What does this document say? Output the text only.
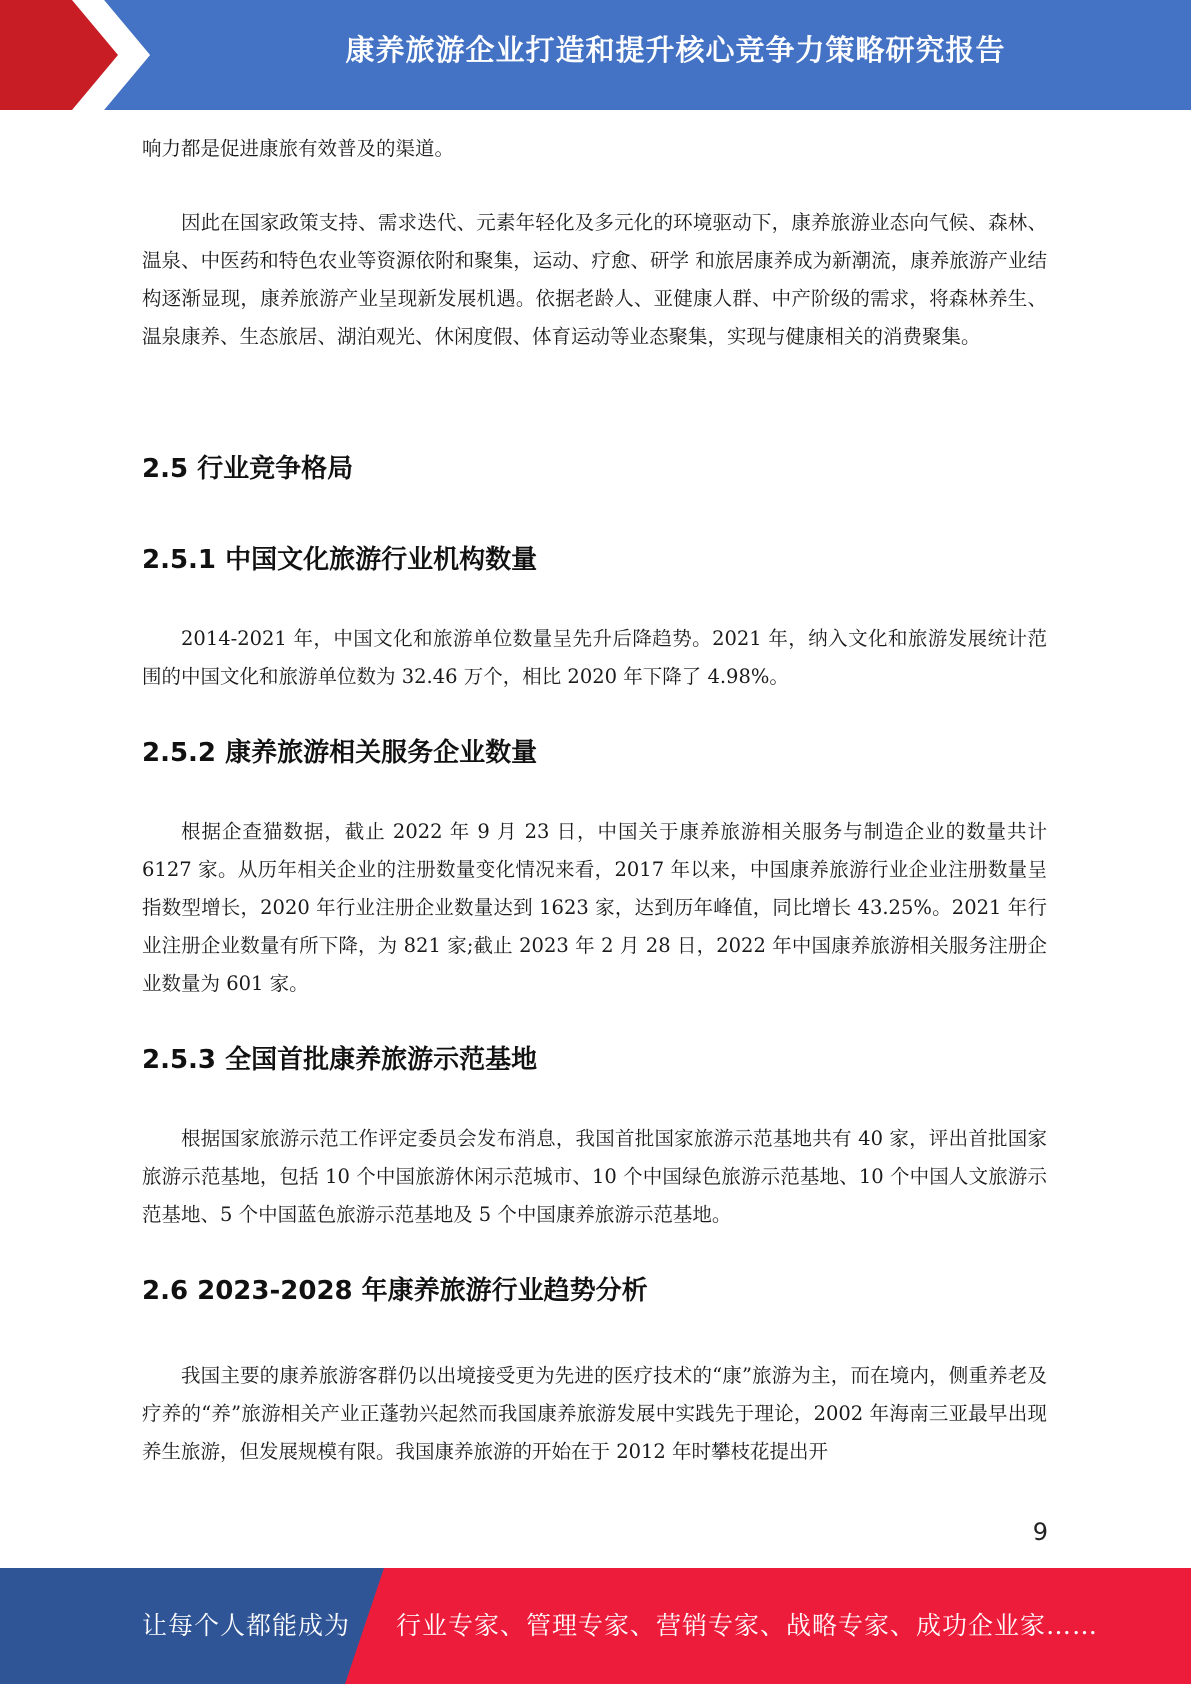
康养旅游企业打造和提升核心竞争力策略研究报告

响力都是促进康旅有效普及的渠道。

因此在国家政策支持、需求迭代、元素年轻化及多元化的环境驱动下，康养旅游业态向气候、森林、温泉、中医药和特色农业等资源依附和聚集，运动、疗愈、研学 和旅居康养成为新潮流，康养旅游产业结构逐渐显现，康养旅游产业呈现新发展机遇。依据老龄人、亚健康人群、中产阶级的需求，将森林养生、温泉康养、生态旅居、湖泊观光、休闲度假、体育运动等业态聚集，实现与健康相关的消费聚集。

2.5 行业竞争格局
2.5.1 中国文化旅游行业机构数量

2014-2021 年，中国文化和旅游单位数量呈先升后降趋势。2021 年，纳入文化和旅游发展统计范围的中国文化和旅游单位数为 32.46 万个，相比 2020 年下降了 4.98%。

2.5.2 康养旅游相关服务企业数量

根据企查猫数据，截止 2022 年 9 月 23 日，中国关于康养旅游相关服务与制造企业的数量共计 6127 家。从历年相关企业的注册数量变化情况来看，2017 年以来，中国康养旅游行业企业注册数量呈指数型增长，2020 年行业注册企业数量达到 1623 家，达到历年峰值，同比增长 43.25%。2021 年行业注册企业数量有所下降，为 821 家;截止 2023 年 2 月 28 日，2022 年中国康养旅游相关服务注册企业数量为 601 家。

2.5.3 全国首批康养旅游示范基地

根据国家旅游示范工作评定委员会发布消息，我国首批国家旅游示范基地共有 40 家，评出首批国家旅游示范基地，包括 10 个中国旅游休闲示范城市、10 个中国绿色旅游示范基地、10 个中国人文旅游示范基地、5 个中国蓝色旅游示范基地及 5 个中国康养旅游示范基地。

2.6 2023-2028 年康养旅游行业趋势分析

我国主要的康养旅游客群仍以出境接受更为先进的医疗技术的“康”旅游为主，而在境内，侧重养老及疗养的“养”旅游相关产业正蓬勃兴起然而我国康养旅游发展中实践先于理论，2002 年海南三亚最早出现养生旅游，但发展规模有限。我国康养旅游的开始在于 2012 年时攀枝花提出开

9
让每个人都能成为 行业专家、管理专家、营销专家、战略专家、成功企业家……
